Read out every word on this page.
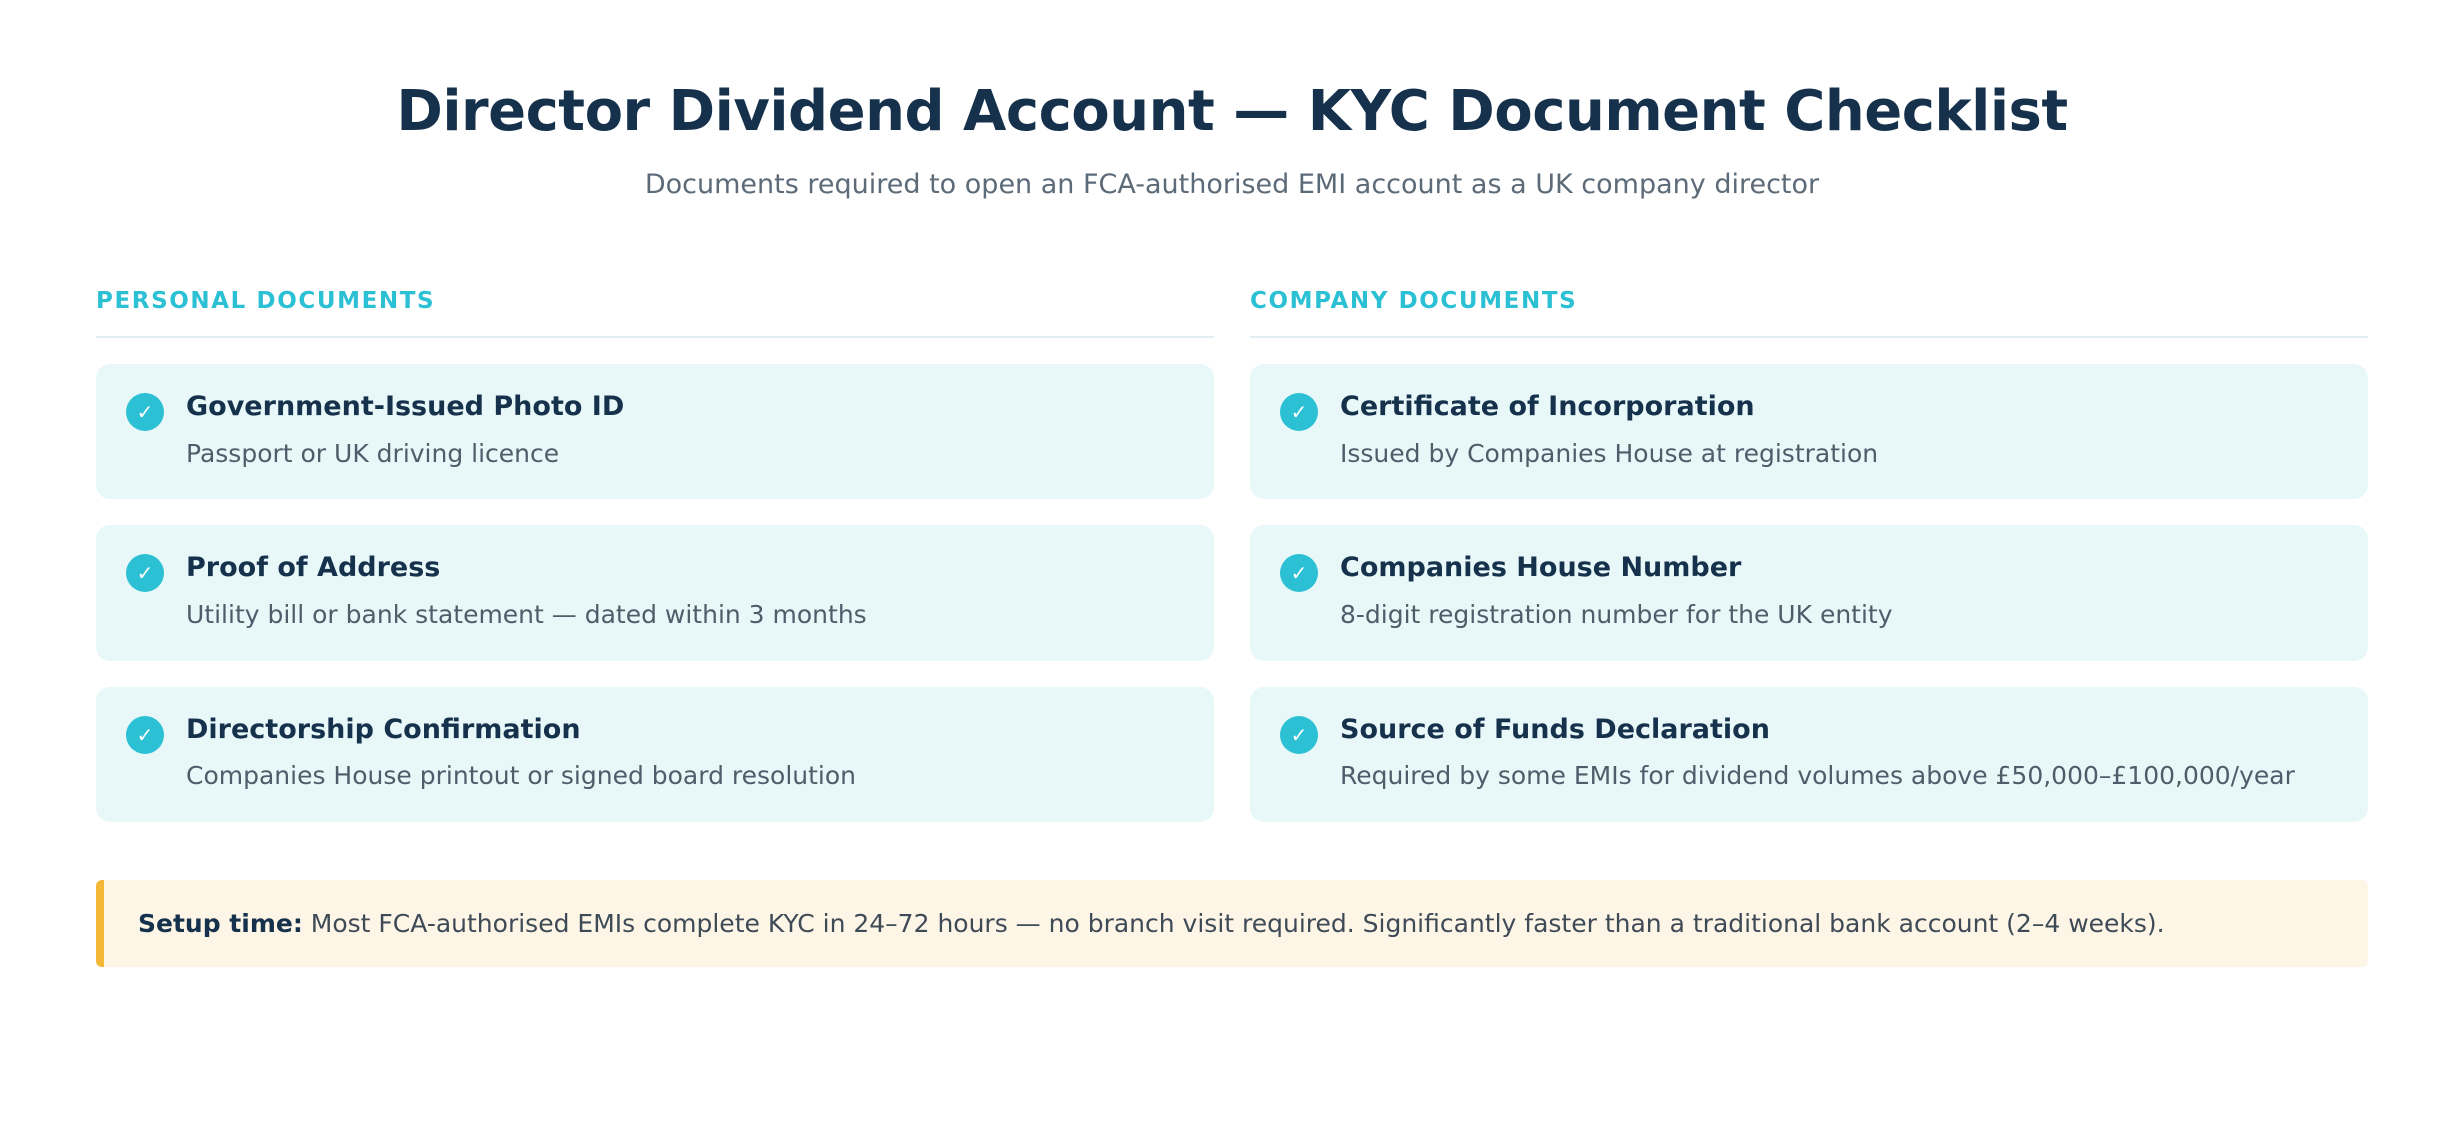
Director Dividend Account — KYC Document Checklist

Documents required to open an FCA-authorised EMI account as a UK company director

PERSONAL DOCUMENTS
✓	Government-Issued Photo ID
Passport or UK driving licence
✓	Proof of Address
Utility bill or bank statement — dated within 3 months
✓	Directorship Confirmation
Companies House printout or signed board resolution
COMPANY DOCUMENTS
✓	Certificate of Incorporation
Issued by Companies House at registration
✓	Companies House Number
8-digit registration number for the UK entity
✓	Source of Funds Declaration
Required by some EMIs for dividend volumes above £50,000–£100,000/year
Setup time: Most FCA-authorised EMIs complete KYC in 24–72 hours — no branch visit required. Significantly faster than a traditional bank account (2–4 weeks).
